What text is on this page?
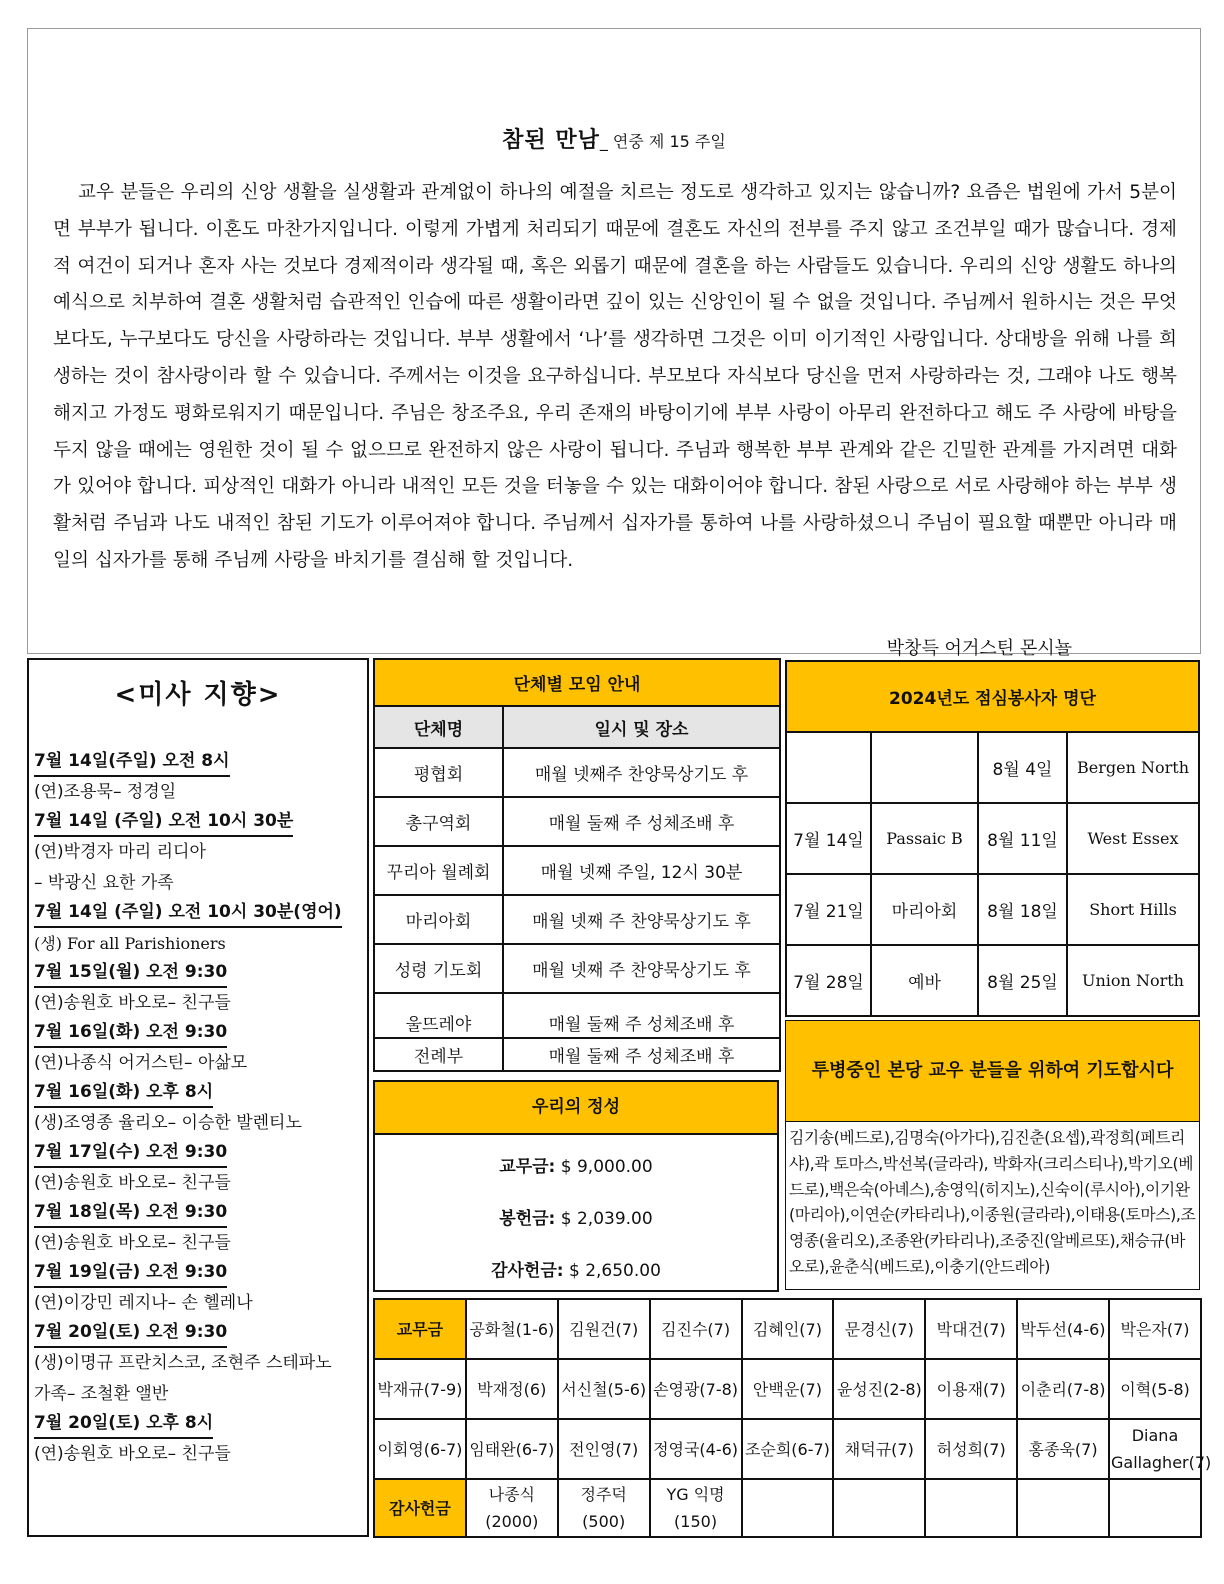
참된 만남_ 연중 제 15 주일
교우 분들은 우리의 신앙 생활을 실생활과 관계없이 하나의 예절을 치르는 정도로 생각하고 있지는 않습니까? 요즘은 법원에 가서 5분이면 부부가 됩니다. 이혼도 마찬가지입니다. 이렇게 가볍게 처리되기 때문에 결혼도 자신의 전부를 주지 않고 조건부일 때가 많습니다. 경제적 여건이 되거나 혼자 사는 것보다 경제적이라 생각될 때, 혹은 외롭기 때문에 결혼을 하는 사람들도 있습니다. 우리의 신앙 생활도 하나의 예식으로 치부하여 결혼 생활처럼 습관적인 인습에 따른 생활이라면 깊이 있는 신앙인이 될 수 없을 것입니다. 주님께서 원하시는 것은 무엇보다도, 누구보다도 당신을 사랑하라는 것입니다. 부부 생활에서 ‘나’를 생각하면 그것은 이미 이기적인 사랑입니다. 상대방을 위해 나를 희생하는 것이 참사랑이라 할 수 있습니다. 주께서는 이것을 요구하십니다. 부모보다 자식보다 당신을 먼저 사랑하라는 것, 그래야 나도 행복해지고 가정도 평화로워지기 때문입니다. 주님은 창조주요, 우리 존재의 바탕이기에 부부 사랑이 아무리 완전하다고 해도 주 사랑에 바탕을 두지 않을 때에는 영원한 것이 될 수 없으므로 완전하지 않은 사랑이 됩니다. 주님과 행복한 부부 관계와 같은 긴밀한 관계를 가지려면 대화가 있어야 합니다. 피상적인 대화가 아니라 내적인 모든 것을 터놓을 수 있는 대화이어야 합니다. 참된 사랑으로 서로 사랑해야 하는 부부 생활처럼 주님과 나도 내적인 참된 기도가 이루어져야 합니다. 주님께서 십자가를 통하여 나를 사랑하셨으니 주님이 필요할 때뿐만 아니라 매일의 십자가를 통해 주님께 사랑을 바치기를 결심해 할 것입니다.
박창득 어거스틴 몬시뇰
<미사 지향>
7월 14일(주일) 오전 8시
(연)조용묵– 정경일
7월 14일 (주일) 오전 10시 30분
(연)박경자 마리 리디아
– 박광신 요한 가족
7월 14일 (주일) 오전 10시 30분(영어)
(생) For all Parishioners
7월 15일(월) 오전 9:30
(연)송원호 바오로– 친구들
7월 16일(화) 오전 9:30
(연)나종식 어거스틴– 아삶모
7월 16일(화) 오후 8시
(생)조영종 율리오– 이승한 발렌티노
7월 17일(수) 오전 9:30
(연)송원호 바오로– 친구들
7월 18일(목) 오전 9:30
(연)송원호 바오로– 친구들
7월 19일(금) 오전 9:30
(연)이강민 레지나– 손 헬레나
7월 20일(토) 오전 9:30
(생)이명규 프란치스코, 조현주 스테파노
가족– 조철환 앨반
7월 20일(토) 오후 8시
(연)송원호 바오로– 친구들
단체별 모임 안내	
단체명	일시 및 장소
평협회	매월 넷째주 찬양묵상기도 후
총구역회	매월 둘째 주 성체조배 후
꾸리아 월례회	매월 넷째 주일, 12시 30분
마리아회	매월 넷째 주 찬양묵상기도 후
성령 기도회	매월 넷째 주 찬양묵상기도 후
울뜨레야	매월 둘째 주 성체조배 후
전례부	매월 둘째 주 성체조배 후
우리의 정성
교무금: $ 9,000.00
봉헌금: $ 2,039.00
감사헌금: $ 2,650.00
2024년도 점심봉사자 명단			
		8월 4일	Bergen North
7월 14일	Passaic B	8월 11일	West Essex
7월 21일	마리아회	8월 18일	Short Hills
7월 28일	예바	8월 25일	Union North
투병중인 본당 교우 분들을 위하여 기도합시다
김기송(베드로),김명숙(아가다),김진춘(요셉),곽정희(페트리샤),곽 토마스,박선복(글라라), 박화자(크리스티나),박기오(베드로),백은숙(아녜스),송영익(히지노),신숙이(루시아),이기완(마리아),이연순(카타리나),이종원(글라라),이태용(토마스),조영종(율리오),조종완(카타리나),조중진(알베르또),채승규(바오로),윤춘식(베드로),이충기(안드레아)
교무금	공화철(1-6)	김원건(7)	김진수(7)	김혜인(7)	문경신(7)	박대건(7)	박두선(4-6)	박은자(7)
박재규(7-9)	박재정(6)	서신철(5-6)	손영광(7-8)	안백운(7)	윤성진(2-8)	이용재(7)	이춘리(7-8)	이혁(5-8)
이회영(6-7)	임태완(6-7)	전인영(7)	정영국(4-6)	조순희(6-7)	채덕규(7)	허성희(7)	홍종욱(7)	Diana Gallagher(7)
감사헌금	나종식 (2000)	정주덕(500)	YG 익명 (150)					
